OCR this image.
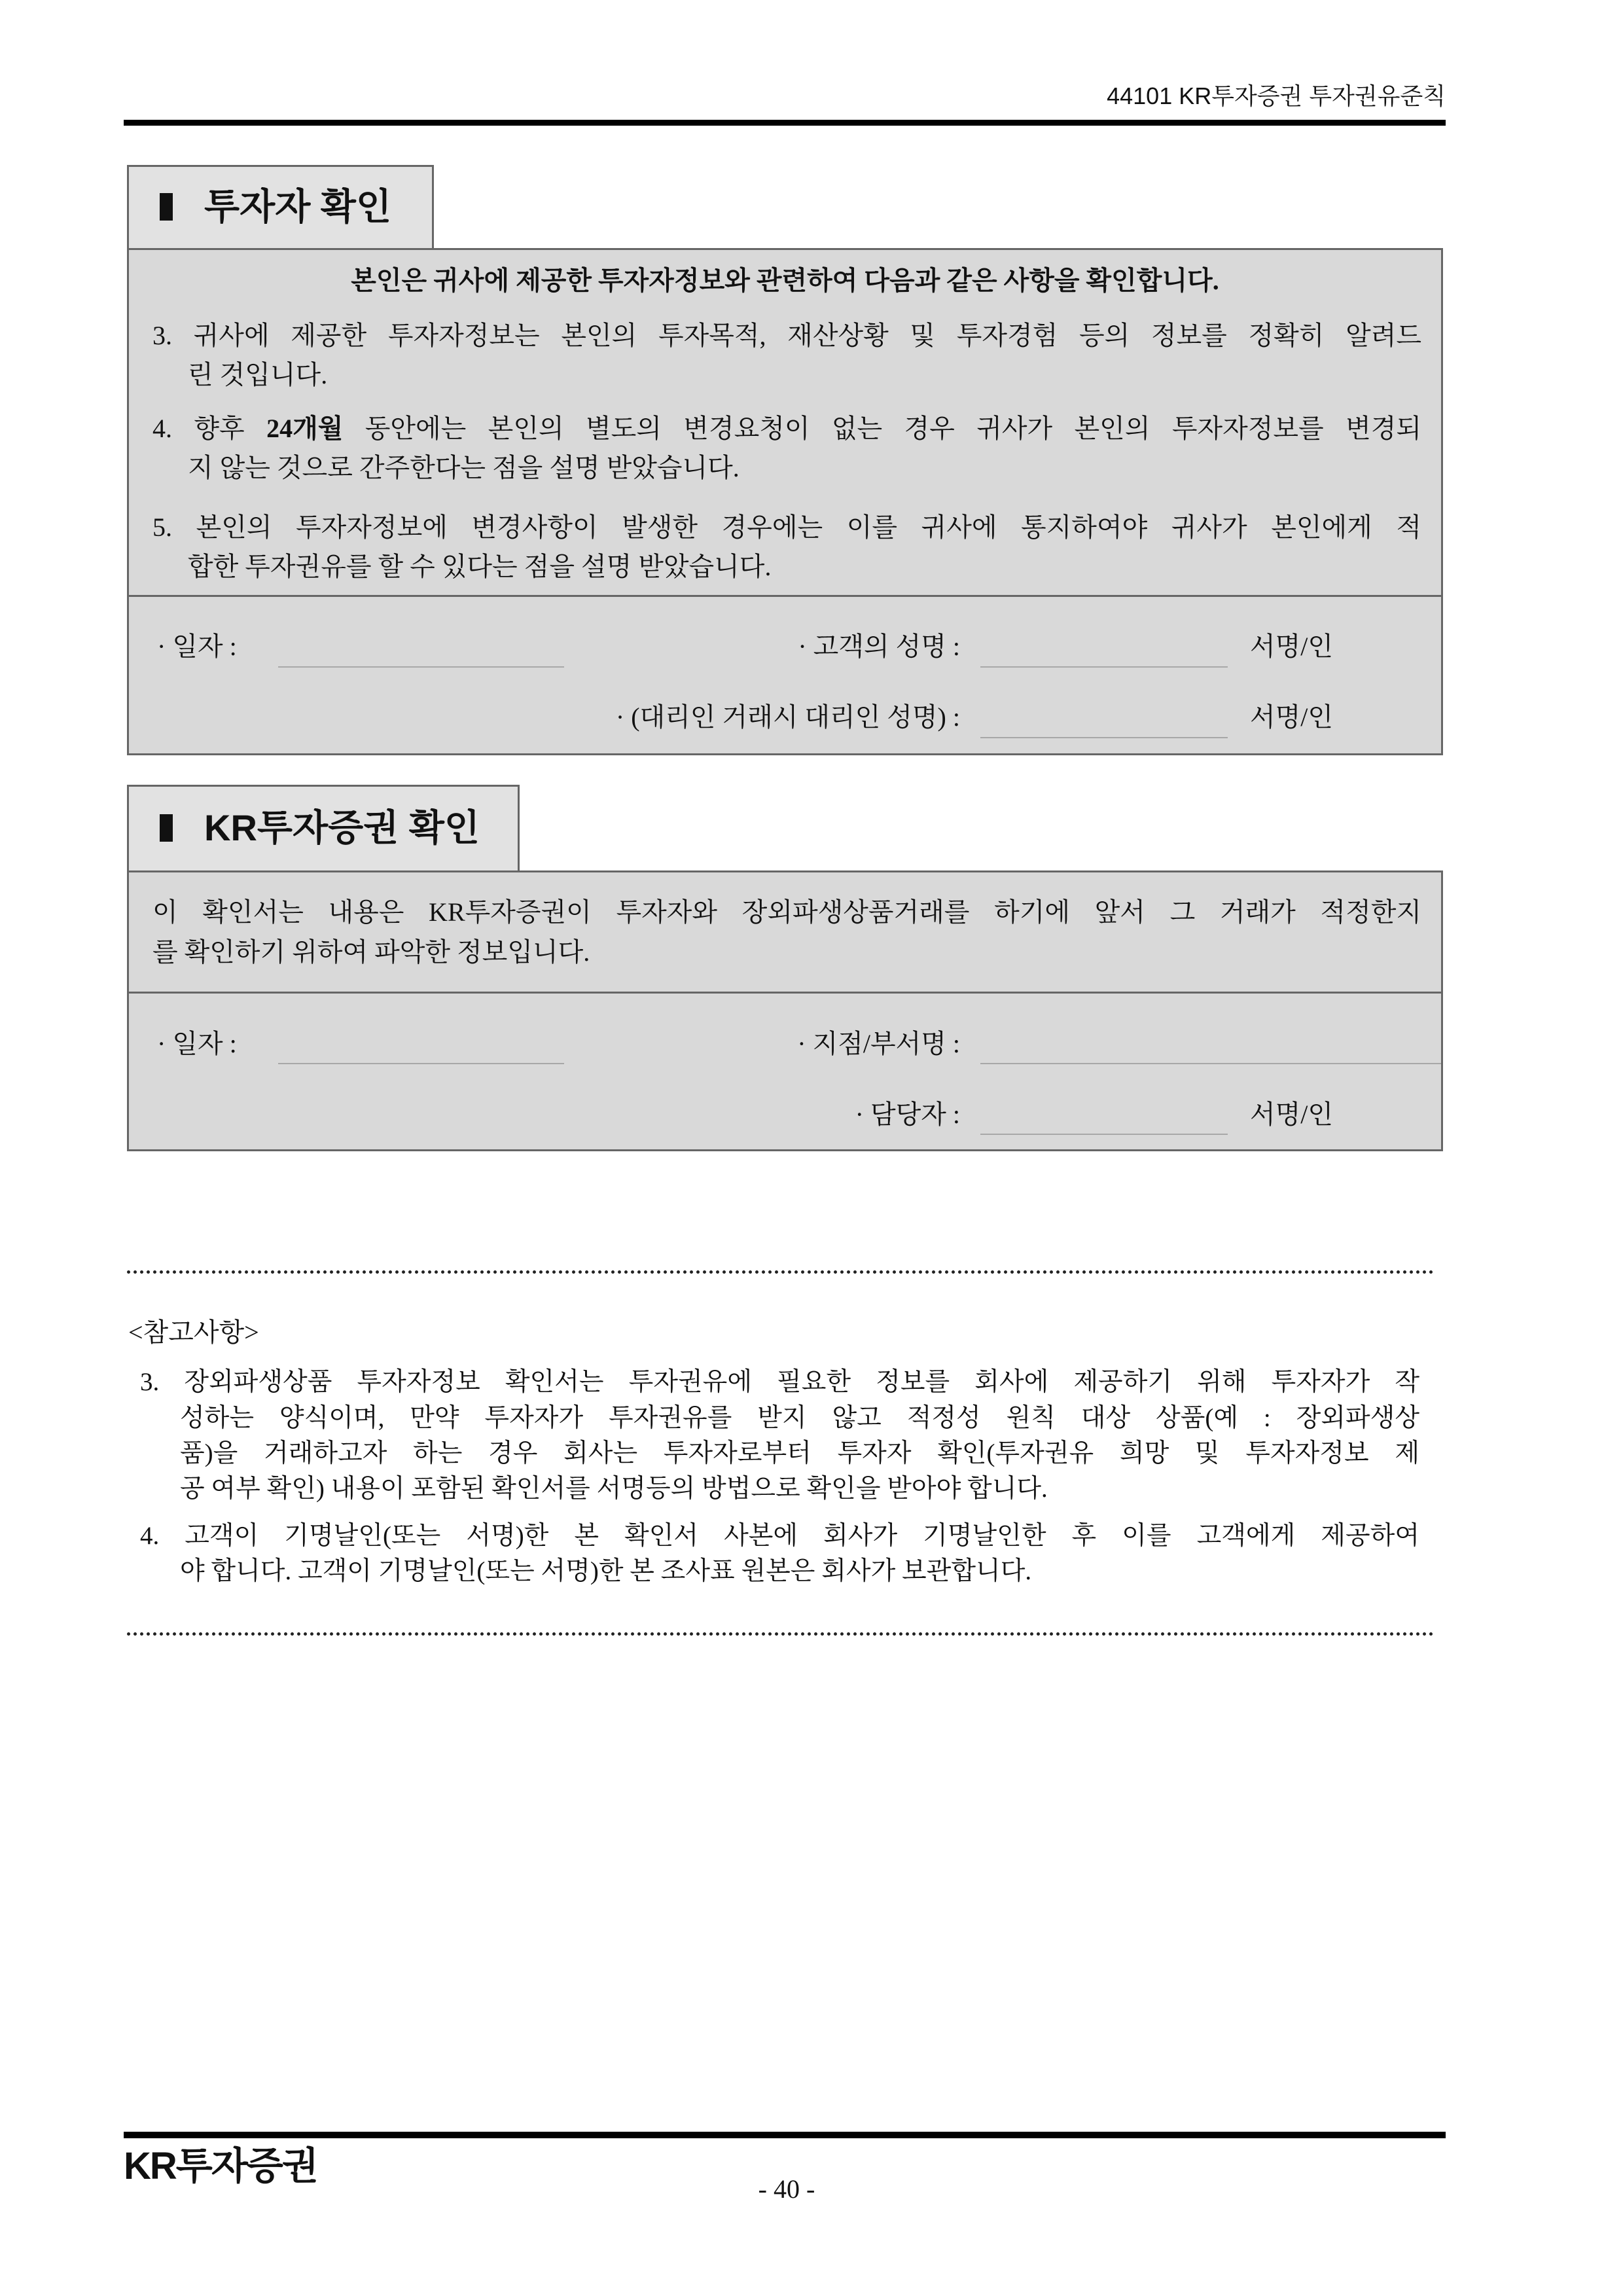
44101 KR투자증권 투자권유준칙
투자자 확인
본인은 귀사에 제공한 투자자정보와 관련하여 다음과 같은 사항을 확인합니다.
3. 귀사에 제공한 투자자정보는 본인의 투자목적, 재산상황 및 투자경험 등의 정보를 정확히 알려드
린 것입니다.
4. 향후 24개월 동안에는 본인의 별도의 변경요청이 없는 경우 귀사가 본인의 투자자정보를 변경되
지 않는 것으로 간주한다는 점을 설명 받았습니다.
5. 본인의 투자자정보에 변경사항이 발생한 경우에는 이를 귀사에 통지하여야 귀사가 본인에게 적
합한 투자권유를 할 수 있다는 점을 설명 받았습니다.
· 일자 :	· 고객의 성명 :	서명/인
· (대리인 거래시 대리인 성명) :	서명/인
KR투자증권 확인
이 확인서는 내용은 KR투자증권이 투자자와 장외파생상품거래를 하기에 앞서 그 거래가 적정한지
를 확인하기 위하여 파악한 정보입니다.
· 일자 :	· 지점/부서명 :
· 담당자 :	서명/인
<참고사항>
3. 장외파생상품 투자자정보 확인서는 투자권유에 필요한 정보를 회사에 제공하기 위해 투자자가 작
성하는 양식이며, 만약 투자자가 투자권유를 받지 않고 적정성 원칙 대상 상품(예 : 장외파생상
품)을 거래하고자 하는 경우 회사는 투자자로부터 투자자 확인(투자권유 희망 및 투자자정보 제
공 여부 확인) 내용이 포함된 확인서를 서명등의 방법으로 확인을 받아야 합니다.
4. 고객이 기명날인(또는 서명)한 본 확인서 사본에 회사가 기명날인한 후 이를 고객에게 제공하여
야 합니다. 고객이 기명날인(또는 서명)한 본 조사표 원본은 회사가 보관합니다.
KR투자증권
- 40 -
